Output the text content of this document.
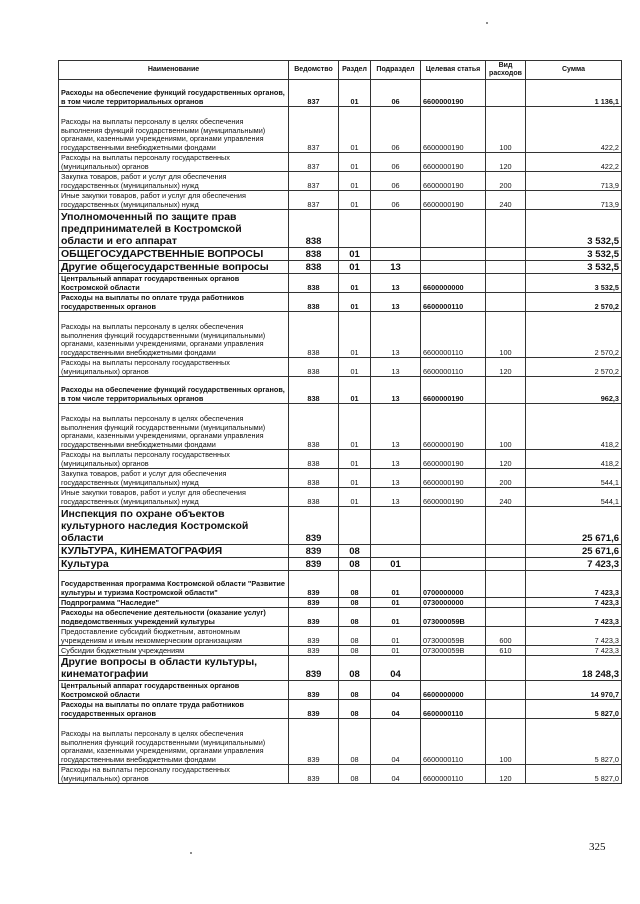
Наименование	Ведомство	Раздел	Подраздел	Целевая статья	Вид расходов	Сумма
Расходы на обеспечение функций государственных органов, в том числе территориальных органов	837	01	06	6600000190		1 136,1
Расходы на выплаты персоналу в целях обеспечения выполнения функций государственными (муниципальными) органами, казенными учреждениями, органами управления государственными внебюджетными фондами	837	01	06	6600000190	100	422,2
Расходы на выплаты персоналу государственных (муниципальных) органов	837	01	06	6600000190	120	422,2
Закупка товаров, работ и услуг для обеспечения государственных (муниципальных) нужд	837	01	06	6600000190	200	713,9
Иные закупки товаров, работ и услуг для обеспечения государственных (муниципальных) нужд	837	01	06	6600000190	240	713,9
Уполномоченный по защите прав предпринимателей в Костромской области и его аппарат	838					3 532,5
ОБЩЕГОСУДАРСТВЕННЫЕ ВОПРОСЫ	838	01				3 532,5
Другие общегосударственные вопросы	838	01	13			3 532,5
Центральный аппарат государственных органов Костромской области	838	01	13	6600000000		3 532,5
Расходы на выплаты по оплате труда работников государственных органов	838	01	13	6600000110		2 570,2
Расходы на выплаты персоналу в целях обеспечения выполнения функций государственными (муниципальными) органами, казенными учреждениями, органами управления государственными внебюджетными фондами	838	01	13	6600000110	100	2 570,2
Расходы на выплаты персоналу государственных (муниципальных) органов	838	01	13	6600000110	120	2 570,2
Расходы на обеспечение функций государственных органов, в том числе территориальных органов	838	01	13	6600000190		962,3
Расходы на выплаты персоналу в целях обеспечения выполнения функций государственными (муниципальными) органами, казенными учреждениями, органами управления государственными внебюджетными фондами	838	01	13	6600000190	100	418,2
Расходы на выплаты персоналу государственных (муниципальных) органов	838	01	13	6600000190	120	418,2
Закупка товаров, работ и услуг для обеспечения государственных (муниципальных) нужд	838	01	13	6600000190	200	544,1
Иные закупки товаров, работ и услуг для обеспечения государственных (муниципальных) нужд	838	01	13	6600000190	240	544,1
Инспекция по охране объектов культурного наследия Костромской области	839					25 671,6
КУЛЬТУРА, КИНЕМАТОГРАФИЯ	839	08				25 671,6
Культура	839	08	01			7 423,3
Государственная программа Костромской области "Развитие культуры и туризма Костромской области"	839	08	01	0700000000		7 423,3
Подпрограмма "Наследие"	839	08	01	0730000000		7 423,3
Расходы на обеспечение деятельности (оказание услуг) подведомственных учреждений культуры	839	08	01	073000059В		7 423,3
Предоставление субсидий бюджетным, автономным учреждениям и иным некоммерческим организациям	839	08	01	073000059В	600	7 423,3
Субсидии бюджетным учреждениям	839	08	01	073000059В	610	7 423,3
Другие вопросы в области культуры, кинематографии	839	08	04			18 248,3
Центральный аппарат государственных органов Костромской области	839	08	04	6600000000		14 970,7
Расходы на выплаты по оплате труда работников государственных органов	839	08	04	6600000110		5 827,0
Расходы на выплаты персоналу в целях обеспечения выполнения функций государственными (муниципальными) органами, казенными учреждениями, органами управления государственными внебюджетными фондами	839	08	04	6600000110	100	5 827,0
Расходы на выплаты персоналу государственных (муниципальных) органов	839	08	04	6600000110	120	5 827,0
325
